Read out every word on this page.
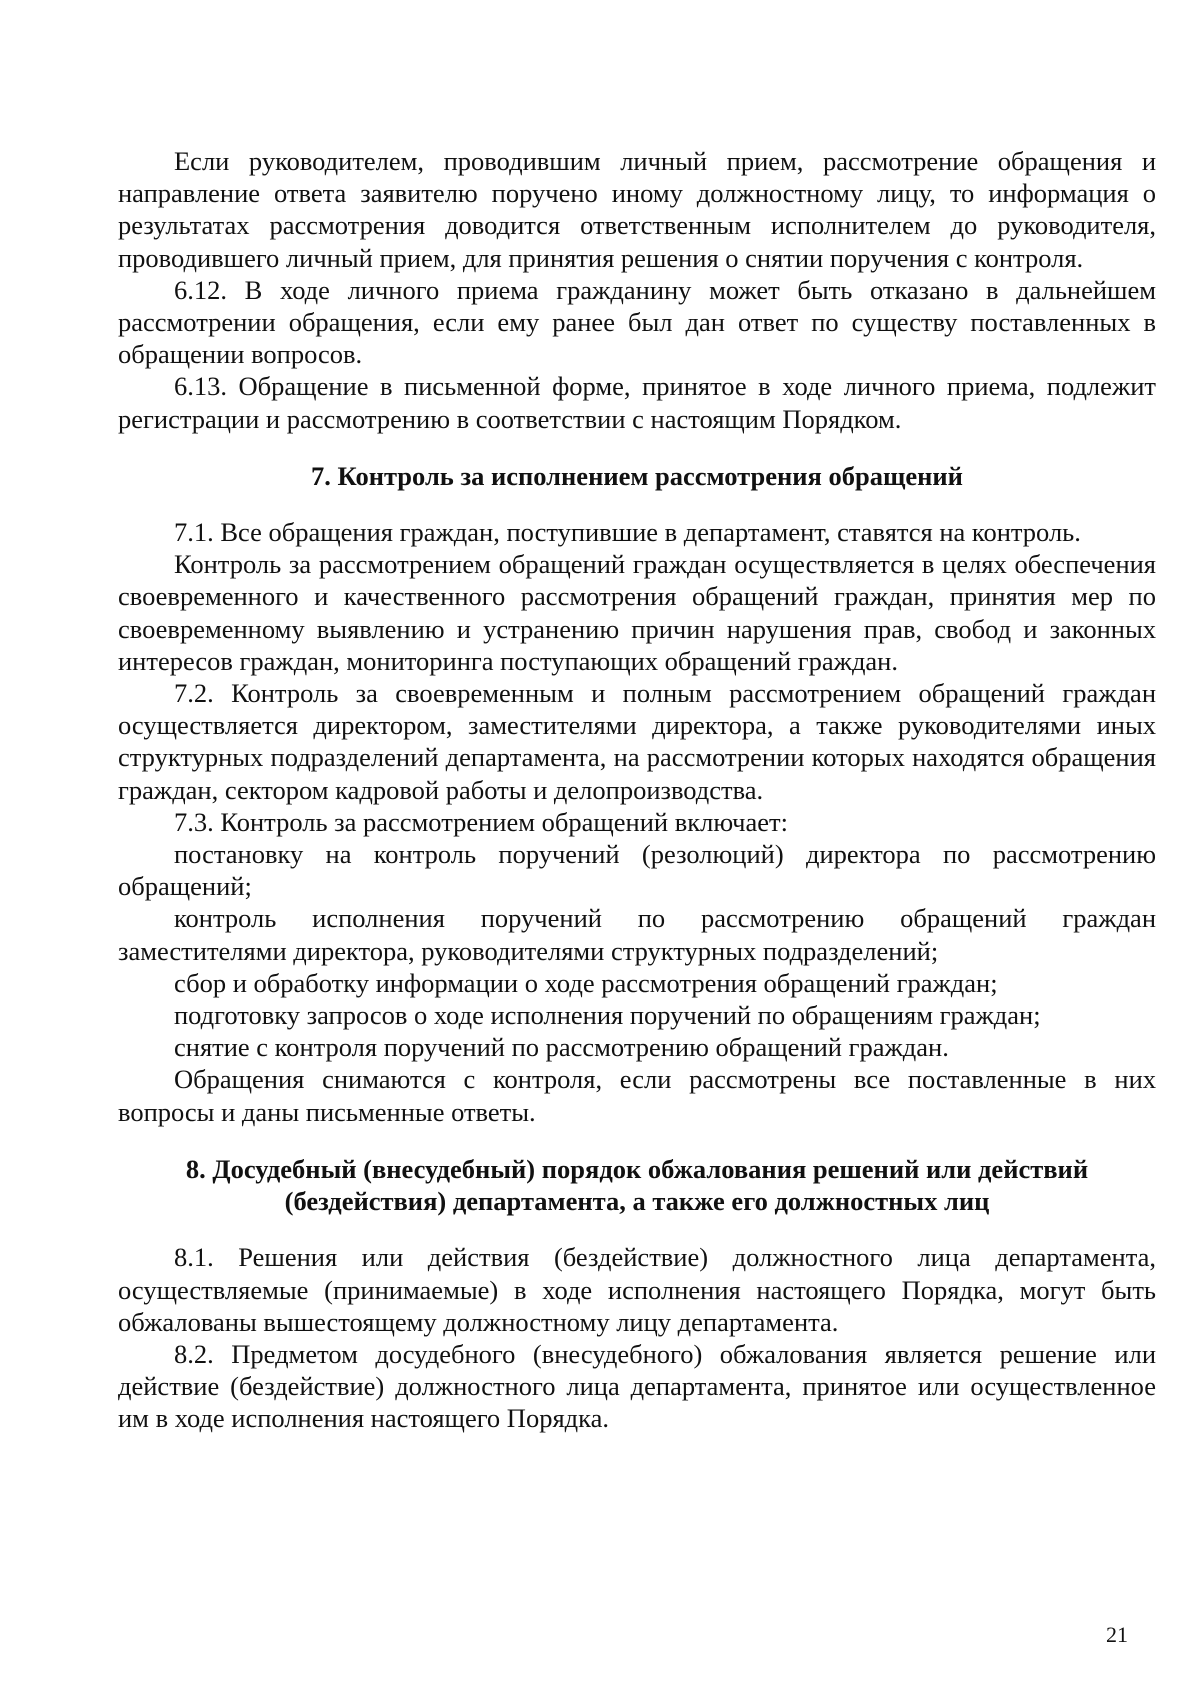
Если руководителем, проводившим личный прием, рассмотрение обращения и направление ответа заявителю поручено иному должностному лицу, то информация о результатах рассмотрения доводится ответственным исполнителем до руководителя, проводившего личный прием, для принятия решения о снятии поручения с контроля.

6.12. В ходе личного приема гражданину может быть отказано в дальнейшем рассмотрении обращения, если ему ранее был дан ответ по существу поставленных в обращении вопросов.

6.13. Обращение в письменной форме, принятое в ходе личного приема, подлежит регистрации и рассмотрению в соответствии с настоящим Порядком.

7. Контроль за исполнением рассмотрения обращений

7.1. Все обращения граждан, поступившие в департамент, ставятся на контроль.

Контроль за рассмотрением обращений граждан осуществляется в целях обеспечения своевременного и качественного рассмотрения обращений граждан, принятия мер по своевременному выявлению и устранению причин нарушения прав, свобод и законных интересов граждан, мониторинга поступающих обращений граждан.

7.2. Контроль за своевременным и полным рассмотрением обращений граждан осуществляется директором, заместителями директора, а также руководителями иных структурных подразделений департамента, на рассмотрении которых находятся обращения граждан, сектором кадровой работы и делопроизводства.

7.3. Контроль за рассмотрением обращений включает:

постановку на контроль поручений (резолюций) директора по рассмотрению обращений;

контроль исполнения поручений по рассмотрению обращений граждан заместителями директора, руководителями структурных подразделений;

сбор и обработку информации о ходе рассмотрения обращений граждан;

подготовку запросов о ходе исполнения поручений по обращениям граждан;

снятие с контроля поручений по рассмотрению обращений граждан.

Обращения снимаются с контроля, если рассмотрены все поставленные в них вопросы и даны письменные ответы.

8. Досудебный (внесудебный) порядок обжалования решений или действий (бездействия) департамента, а также его должностных лиц

8.1. Решения или действия (бездействие) должностного лица департамента, осуществляемые (принимаемые) в ходе исполнения настоящего Порядка, могут быть обжалованы вышестоящему должностному лицу департамента.

8.2. Предметом досудебного (внесудебного) обжалования является решение или действие (бездействие) должностного лица департамента, принятое или осуществленное им в ходе исполнения настоящего Порядка.

21
